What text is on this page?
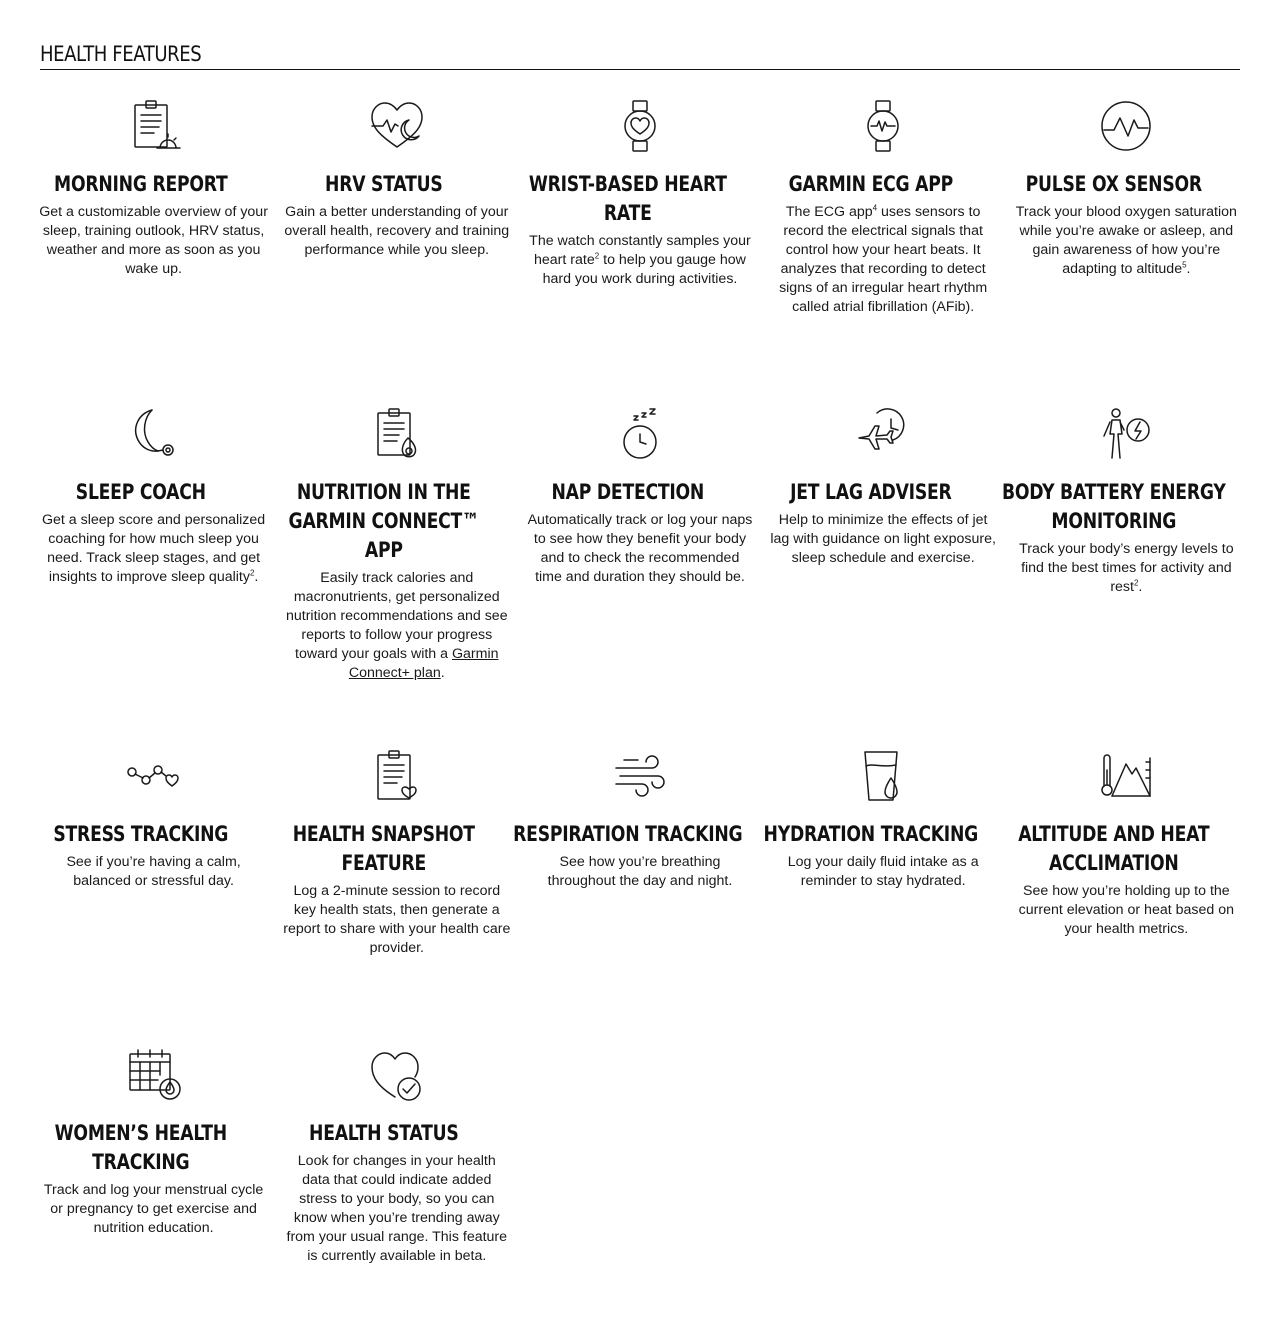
HEALTH FEATURES
MORNING REPORT
Get a customizable overview of your sleep, training outlook, HRV status, weather and more as soon as you wake up.
HRV STATUS
Gain a better understanding of your overall health, recovery and training performance while you sleep.
WRIST-BASED HEART RATE
The watch constantly samples your heart rate$^2$ to help you gauge how hard you work during activities.
GARMIN ECG APP
The ECG app$^4$ uses sensors to record the electrical signals that control how your heart beats. It analyzes that recording to detect signs of an irregular heart rhythm called atrial fibrillation (AFib).
PULSE OX SENSOR
Track your blood oxygen saturation while you’re awake or asleep, and gain awareness of how you’re adapting to altitude$^5$.
SLEEP COACH
Get a sleep score and personalized coaching for how much sleep you need. Track sleep stages, and get insights to improve sleep quality$^2$.
NUTRITION IN THE GARMIN CONNECT™ APP
Easily track calories and macronutrients, get personalized nutrition recommendations and see reports to follow your progress toward your goals with a Garmin Connect+ plan.
NAP DETECTION
Automatically track or log your naps to see how they benefit your body and to check the recommended time and duration they should be.
JET LAG ADVISER
Help to minimize the effects of jet lag with guidance on light exposure, sleep schedule and exercise.
BODY BATTERY ENERGY MONITORING
Track your body’s energy levels to find the best times for activity and rest$^2$.
STRESS TRACKING
See if you’re having a calm, balanced or stressful day.
HEALTH SNAPSHOT FEATURE
Log a 2-minute session to record key health stats, then generate a report to share with your health care provider.
RESPIRATION TRACKING
See how you’re breathing throughout the day and night.
HYDRATION TRACKING
Log your daily fluid intake as a reminder to stay hydrated.
ALTITUDE AND HEAT ACCLIMATION
See how you’re holding up to the current elevation or heat based on your health metrics.
WOMEN’S HEALTH TRACKING
Track and log your menstrual cycle or pregnancy to get exercise and nutrition education.
HEALTH STATUS
Look for changes in your health data that could indicate added stress to your body, so you can know when you’re trending away from your usual range. This feature is currently available in beta.
